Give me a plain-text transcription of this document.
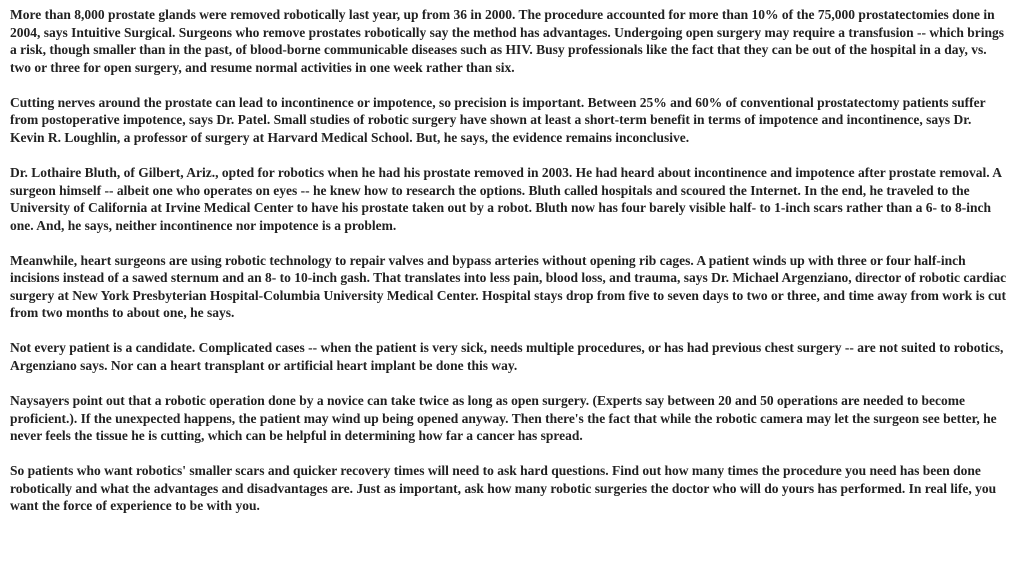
More than 8,000 prostate glands were removed robotically last year, up from 36 in 2000. The procedure accounted for more than 10% of the 75,000 prostatectomies done in 2004, says Intuitive Surgical. Surgeons who remove prostates robotically say the method has advantages. Undergoing open surgery may require a transfusion -- which brings a risk, though smaller than in the past, of blood-borne communicable diseases such as HIV. Busy professionals like the fact that they can be out of the hospital in a day, vs. two or three for open surgery, and resume normal activities in one week rather than six.

Cutting nerves around the prostate can lead to incontinence or impotence, so precision is important. Between 25% and 60% of conventional prostatectomy patients suffer from postoperative impotence, says Dr. Patel. Small studies of robotic surgery have shown at least a short-term benefit in terms of impotence and incontinence, says Dr. Kevin R. Loughlin, a professor of surgery at Harvard Medical School. But, he says, the evidence remains inconclusive.

Dr. Lothaire Bluth, of Gilbert, Ariz., opted for robotics when he had his prostate removed in 2003. He had heard about incontinence and impotence after prostate removal. A surgeon himself -- albeit one who operates on eyes -- he knew how to research the options. Bluth called hospitals and scoured the Internet. In the end, he traveled to the University of California at Irvine Medical Center to have his prostate taken out by a robot. Bluth now has four barely visible half- to 1-inch scars rather than a 6- to 8-inch one. And, he says, neither incontinence nor impotence is a problem.

Meanwhile, heart surgeons are using robotic technology to repair valves and bypass arteries without opening rib cages. A patient winds up with three or four half-inch incisions instead of a sawed sternum and an 8- to 10-inch gash. That translates into less pain, blood loss, and trauma, says Dr. Michael Argenziano, director of robotic cardiac surgery at New York Presbyterian Hospital-Columbia University Medical Center. Hospital stays drop from five to seven days to two or three, and time away from work is cut from two months to about one, he says.

Not every patient is a candidate. Complicated cases -- when the patient is very sick, needs multiple procedures, or has had previous chest surgery -- are not suited to robotics, Argenziano says. Nor can a heart transplant or artificial heart implant be done this way.

Naysayers point out that a robotic operation done by a novice can take twice as long as open surgery. (Experts say between 20 and 50 operations are needed to become proficient.). If the unexpected happens, the patient may wind up being opened anyway. Then there's the fact that while the robotic camera may let the surgeon see better, he never feels the tissue he is cutting, which can be helpful in determining how far a cancer has spread.

So patients who want robotics' smaller scars and quicker recovery times will need to ask hard questions. Find out how many times the procedure you need has been done robotically and what the advantages and disadvantages are. Just as important, ask how many robotic surgeries the doctor who will do yours has performed. In real life, you want the force of experience to be with you.
